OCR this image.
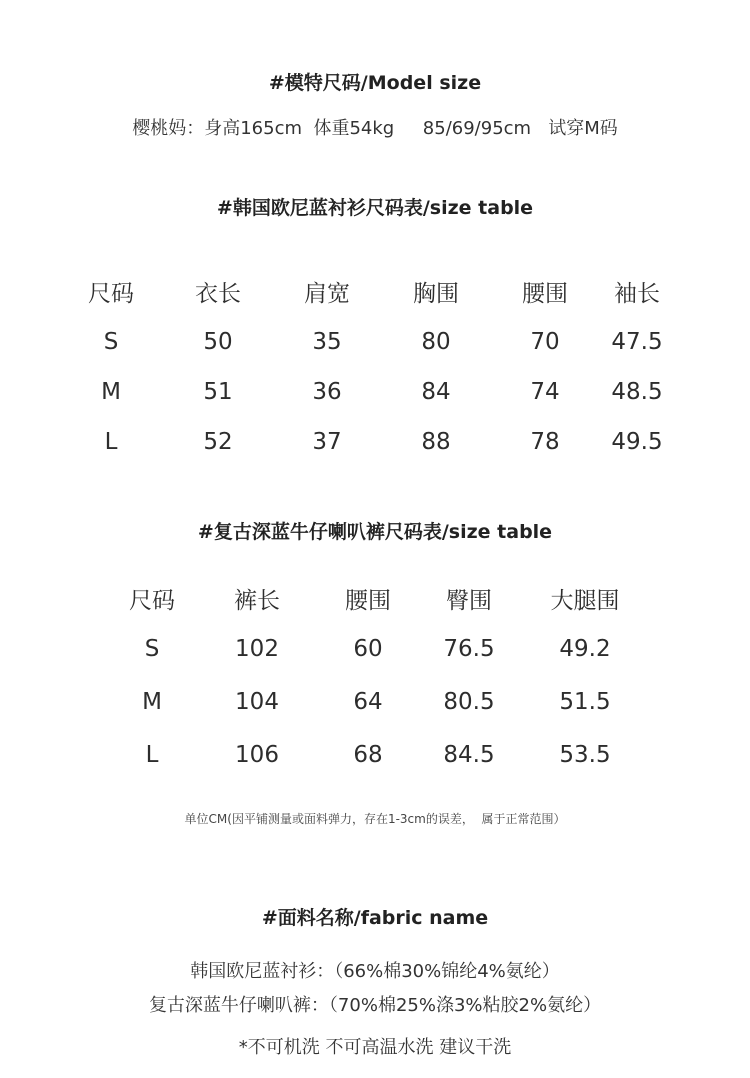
#模特尺码/Model size
樱桃妈：身高165cm  体重54kg     85/69/95cm   试穿M码
#韩国欧尼蓝衬衫尺码表/size table
尺码	衣长	肩宽	胸围	腰围 袖长
S	50	35	80	70 47.5
M	51	36	84	74 48.5
L	52	37	88	78 49.5
#复古深蓝牛仔喇叭裤尺码表/size table
尺码	裤长	腰围 臀围	大腿围
S	102	60	76.5	49.2
M	104	64	80.5	51.5
L	106	68	84.5	53.5
单位CM(因平铺测量或面料弹力，存在1-3cm的误差，  属于正常范围）
#面料名称/fabric name
韩国欧尼蓝衬衫：（66%棉30%锦纶4%氨纶）
复古深蓝牛仔喇叭裤：（70%棉25%涤3%粘胶2%氨纶）
*不可机洗 不可高温水洗 建议干洗
